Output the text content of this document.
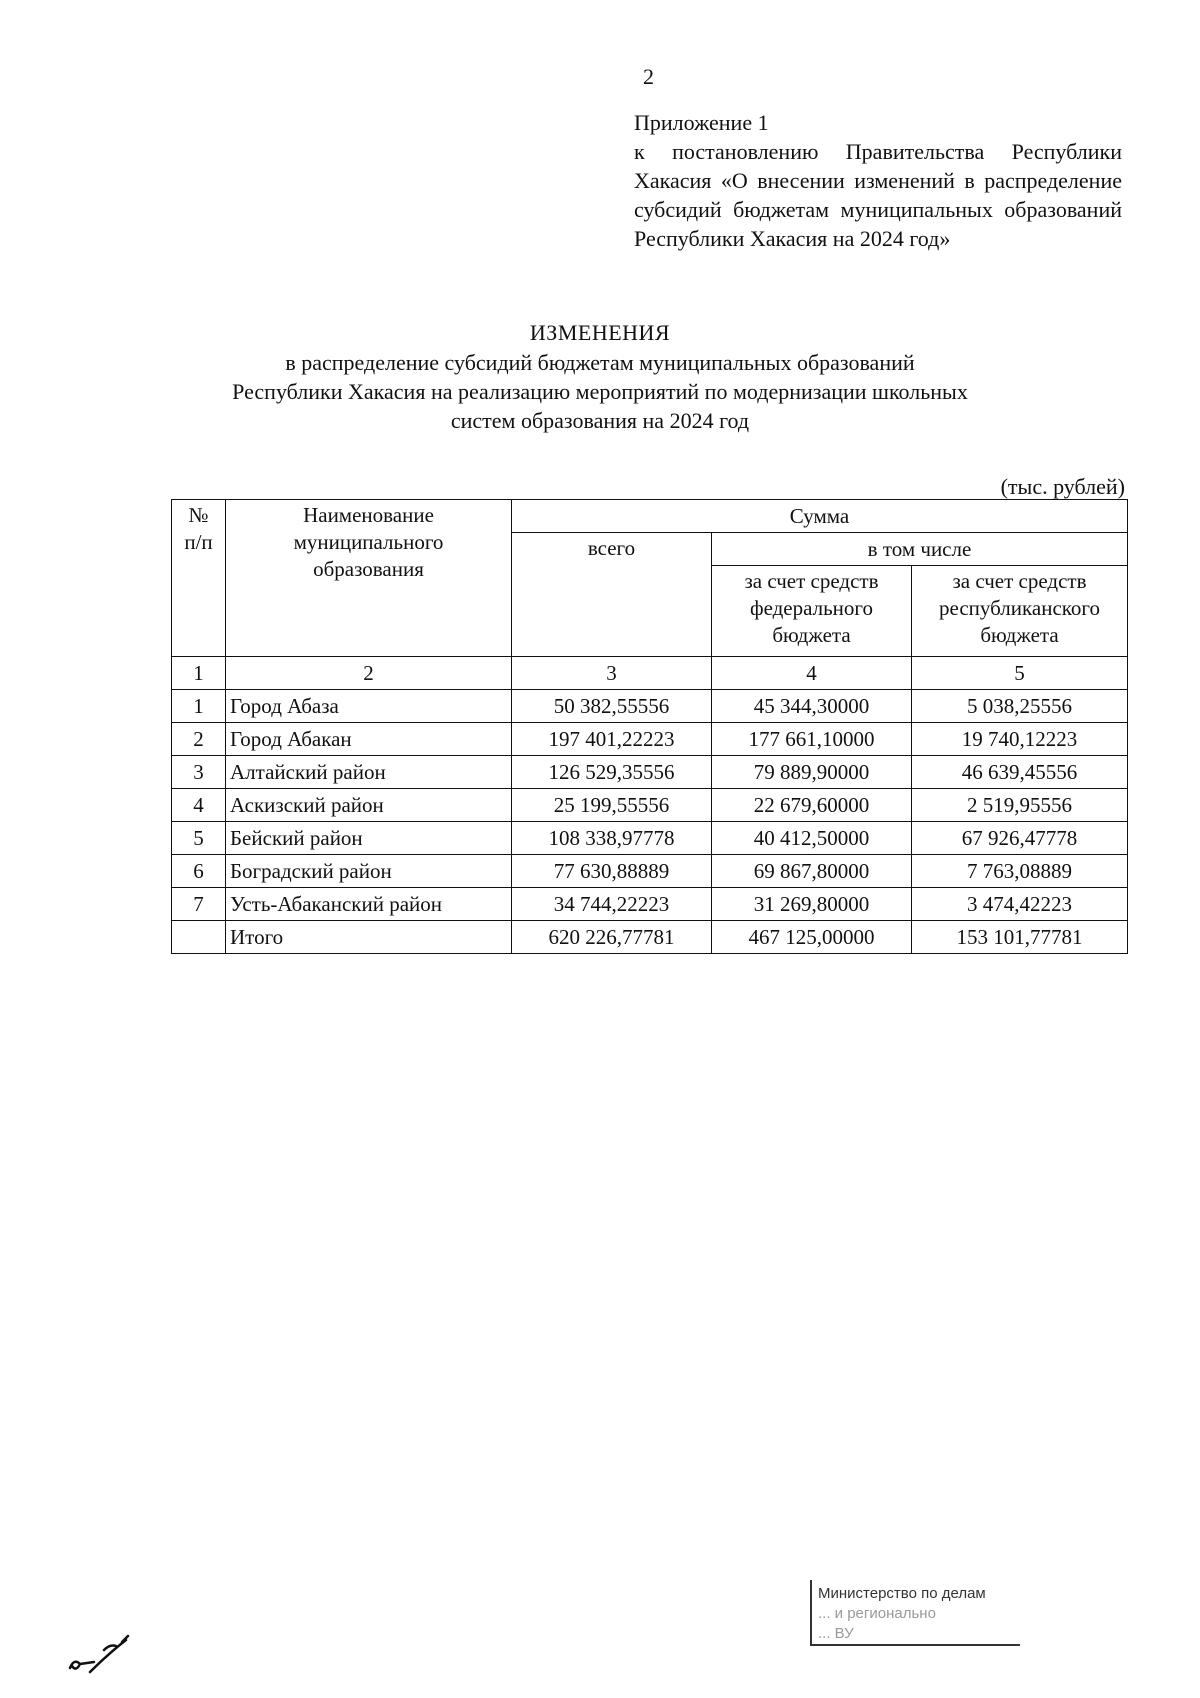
2
Приложение 1
к постановлению Правительства Республики Хакасия «О внесении изменений в распределение субсидий бюджетам муниципальных образований Республики Хакасия на 2024 год»
ИЗМЕНЕНИЯ
в распределение субсидий бюджетам муниципальных образований
Республики Хакасия на реализацию мероприятий по модернизации школьных
систем образования на 2024 год
(тыс. рублей)
№ п/п	Наименование муниципального образования	Сумма		
		всего	в том числе	
			за счет средств федерального бюджета	за счет средств республиканского бюджета
1	2	3	4	5
1	Город Абаза	50 382,55556	45 344,30000	5 038,25556
2	Город Абакан	197 401,22223	177 661,10000	19 740,12223
3	Алтайский район	126 529,35556	79 889,90000	46 639,45556
4	Аскизский район	25 199,55556	22 679,60000	2 519,95556
5	Бейский район	108 338,97778	40 412,50000	67 926,47778
6	Боградский район	77 630,88889	69 867,80000	7 763,08889
7	Усть-Абаканский район	34 744,22223	31 269,80000	3 474,42223
	Итого	620 226,77781	467 125,00000	153 101,77781
Министерство по делам
... и регионально
... ВУ
